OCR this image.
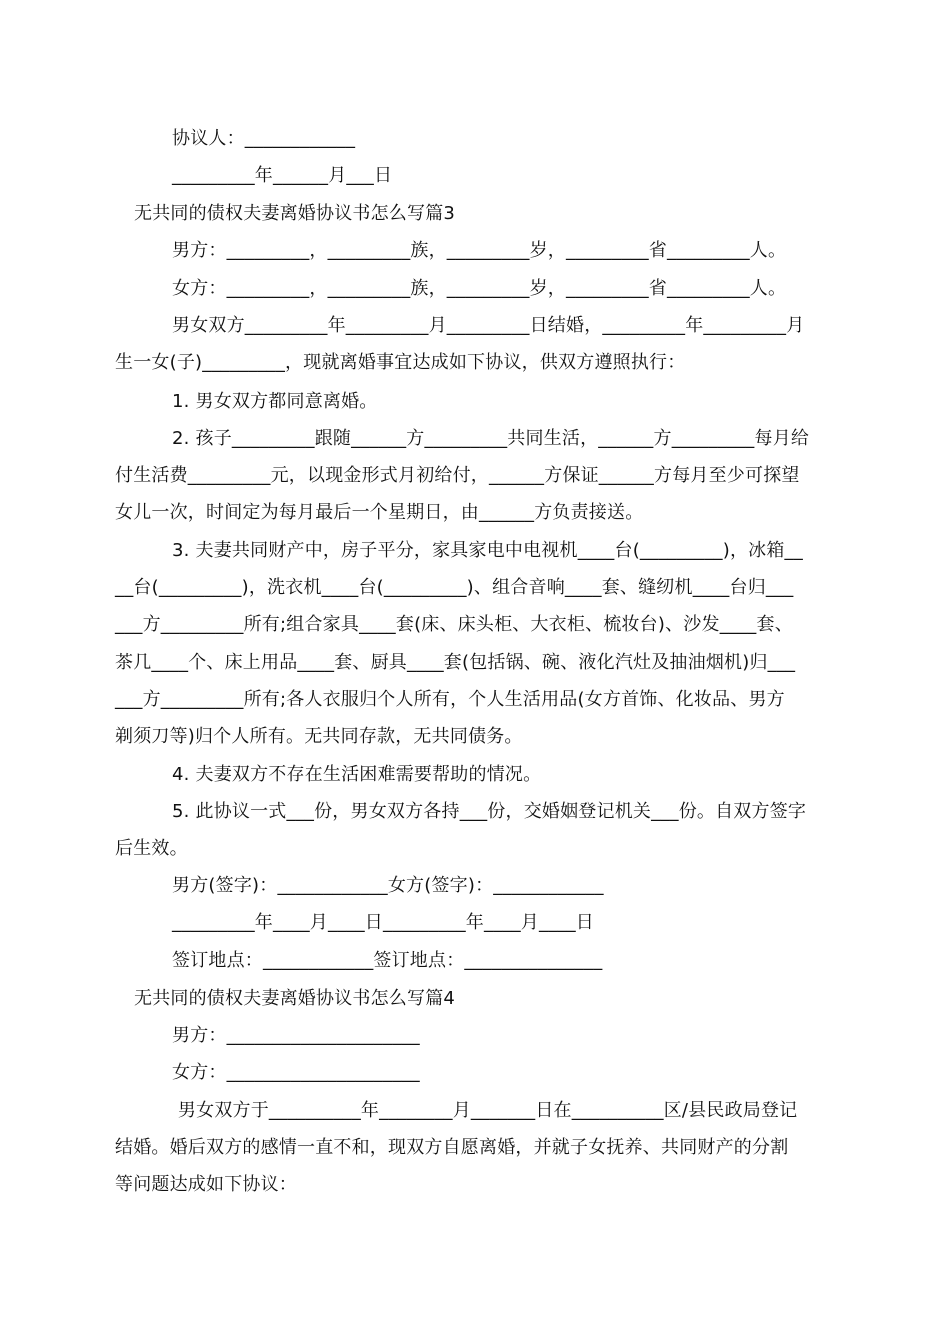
协议人：____________
_________年______月___日
无共同的债权夫妻离婚协议书怎么写篇3
男方：_________，_________族，_________岁，_________省_________人。
女方：_________，_________族，_________岁，_________省_________人。
男女双方_________年_________月_________日结婚，_________年_________月
生一女(子)_________，现就离婚事宜达成如下协议，供双方遵照执行：
1. 男女双方都同意离婚。
2. 孩子_________跟随______方_________共同生活，______方_________每月给
付生活费_________元，以现金形式月初给付，______方保证______方每月至少可探望
女儿一次，时间定为每月最后一个星期日，由______方负责接送。
3. 夫妻共同财产中，房子平分，家具家电中电视机____台(_________)，冰箱__
__台(_________)，洗衣机____台(_________)、组合音响____套、缝纫机____台归___
___方_________所有;组合家具____套(床、床头柜、大衣柜、梳妆台)、沙发____套、
茶几____个、床上用品____套、厨具____套(包括锅、碗、液化汽灶及抽油烟机)归___
___方_________所有;各人衣服归个人所有，个人生活用品(女方首饰、化妆品、男方
剃须刀等)归个人所有。无共同存款，无共同债务。
4. 夫妻双方不存在生活困难需要帮助的情况。
5. 此协议一式___份，男女双方各持___份，交婚姻登记机关___份。自双方签字
后生效。
男方(签字)：____________女方(签字)：____________
_________年____月____日_________年____月____日
签订地点：____________签订地点：_______________
无共同的债权夫妻离婚协议书怎么写篇4
男方：_____________________
女方：_____________________
男女双方于__________年________月_______日在__________区/县民政局登记
结婚。婚后双方的感情一直不和，现双方自愿离婚，并就子女抚养、共同财产的分割
等问题达成如下协议：
